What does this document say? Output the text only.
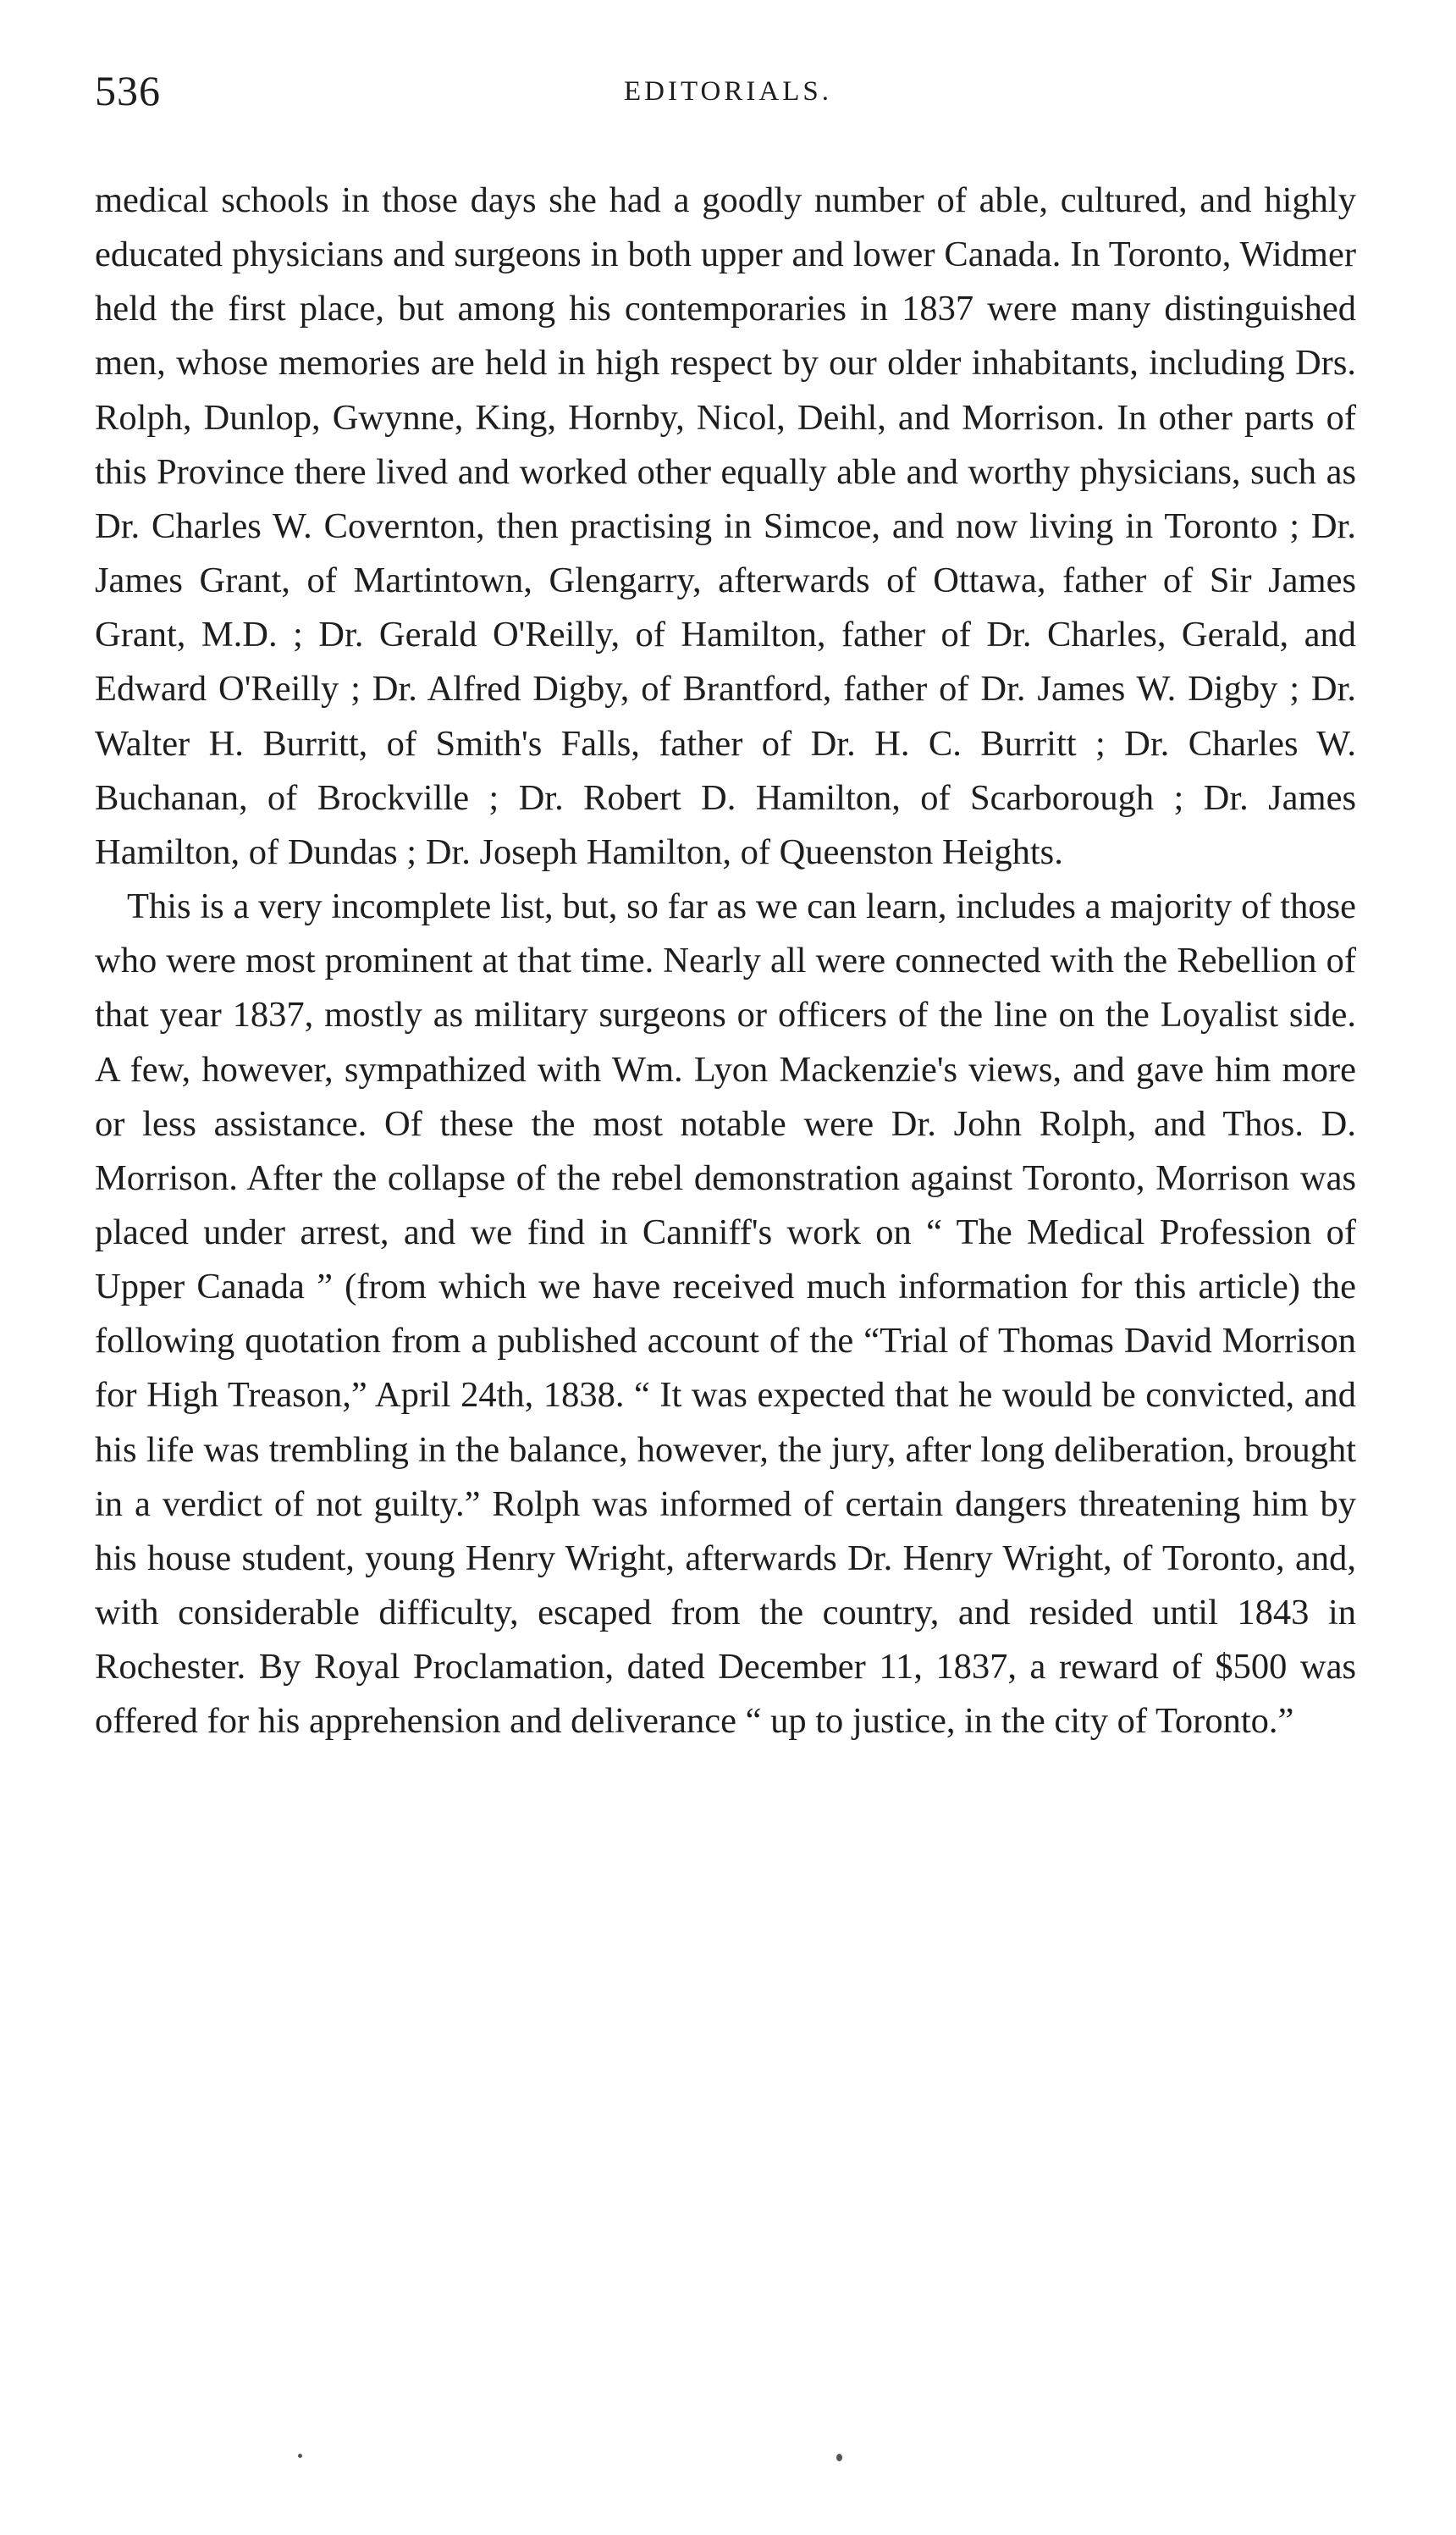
536	EDITORIALS.

medical schools in those days she had a goodly number of able, cultured, and highly educated physicians and surgeons in both upper and lower Canada. In Toronto, Widmer held the first place, but among his contemporaries in 1837 were many distinguished men, whose memories are held in high respect by our older inhabitants, including Drs. Rolph, Dunlop, Gwynne, King, Hornby, Nicol, Deihl, and Morrison. In other parts of this Province there lived and worked other equally able and worthy physicians, such as Dr. Charles W. Covernton, then practising in Simcoe, and now living in Toronto ; Dr. James Grant, of Martintown, Glengarry, afterwards of Ottawa, father of Sir James Grant, M.D. ; Dr. Gerald O'Reilly, of Hamilton, father of Dr. Charles, Gerald, and Edward O'Reilly ; Dr. Alfred Digby, of Brantford, father of Dr. James W. Digby ; Dr. Walter H. Burritt, of Smith's Falls, father of Dr. H. C. Burritt ; Dr. Charles W. Buchanan, of Brockville ; Dr. Robert D. Hamilton, of Scarborough ; Dr. James Hamilton, of Dundas ; Dr. Joseph Hamilton, of Queenston Heights.

This is a very incomplete list, but, so far as we can learn, includes a majority of those who were most prominent at that time. Nearly all were connected with the Rebellion of that year 1837, mostly as military surgeons or officers of the line on the Loyalist side. A few, however, sympathized with Wm. Lyon Mackenzie's views, and gave him more or less assistance. Of these the most notable were Dr. John Rolph, and Thos. D. Morrison. After the collapse of the rebel demonstration against Toronto, Morrison was placed under arrest, and we find in Canniff's work on “ The Medical Profession of Upper Canada ” (from which we have received much information for this article) the following quotation from a published account of the “Trial of Thomas David Morrison for High Treason,” April 24th, 1838. “ It was expected that he would be convicted, and his life was trembling in the balance, however, the jury, after long deliberation, brought in a verdict of not guilty.” Rolph was informed of certain dangers threatening him by his house student, young Henry Wright, afterwards Dr. Henry Wright, of Toronto, and, with considerable difficulty, escaped from the country, and resided until 1843 in Rochester. By Royal Proclamation, dated December 11, 1837, a reward of $500 was offered for his apprehension and deliverance “ up to justice, in the city of Toronto.”
